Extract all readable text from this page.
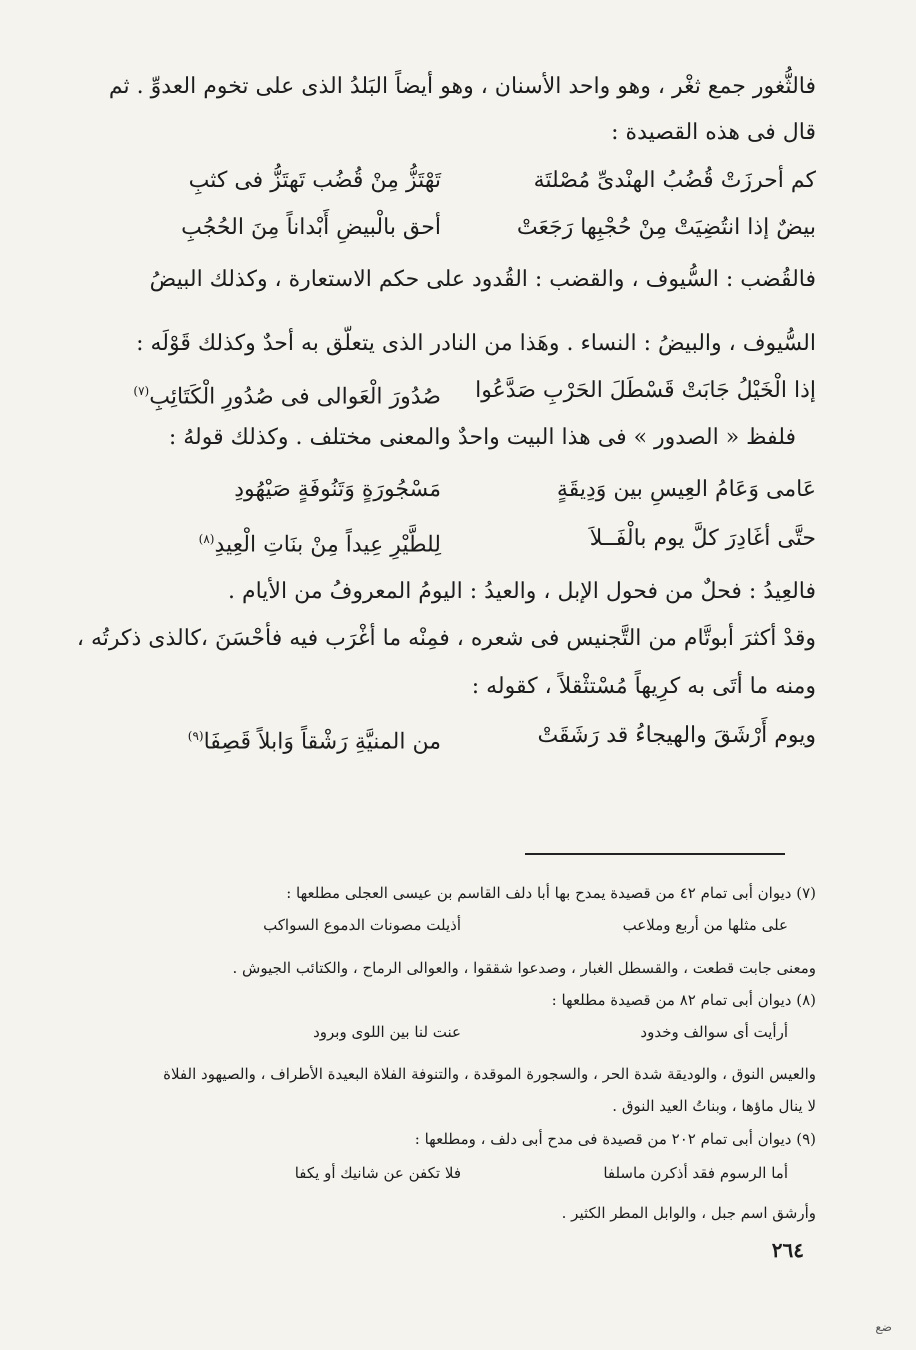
فالثُّغور جمع ثغْر ، وهو واحد الأسنان ، وهو أيضاً البَلدُ الذى على تخوم العدوِّ . ثم
قال فى هذه القصيدة :
كم أحرزَتْ قُضُبُ الهنْدىِّ مُصْلتَة
تَهْتَزُّ مِنْ قُضُب تَهتَزُّ فى كثبِ
بيضٌ إذا انتُضِيَتْ مِنْ حُجْبِها رَجَعَتْ
أحق بالْبيضِ أَبْداناً مِنَ الحُجُبِ
فالقُضب : السُّيوف ، والقضب : القُدود على حكم الاستعارة ، وكذلك البيضُ
السُّيوف ، والبيضُ : النساء . وهَذا من النادر الذى يتعلّق به أحدٌ وكذلك قَوْلَه :
إذا الْخَيْلُ جَابَتْ قَسْطَلَ الحَرْبِ صَدَّعُوا
صُدُورَ الْعَوالى فى صُدُورِ الْكَتَائِبِ$^{(٧)}$
فلفظ « الصدور » فى هذا البيت واحدٌ والمعنى مختلف . وكذلك قولهُ :
عَامى وَعَامُ العِيسِ بين وَدِيقَةٍ
مَسْجُورَةٍ وَتَنُوفَةٍ صَيْهُودِ
حتَّى أغَادِرَ كلَّ يوم بالْفَــلاَ
لِلطَّيْرِ عِيداً مِنْ بنَاتِ الْعِيدِ$^{(٨)}$
فالعِيدُ : فحلٌ من فحول الإبل ، والعيدُ : اليومُ المعروفُ من الأيام .
وقدْ أكثرَ أبوتَّام من التَّجنيس فى شعره ، فمِنْه ما أغْرَب فيه فأحْسَنَ ،كالذى ذكرتُه ،
ومنه ما أتَى به كرِيهاً مُسْتثْقلاً ، كقوله :
ويوم أَرْشَقَ والهيجاءُ قد رَشَقَتْ
من المنيَّةِ رَشْقاً وَابلاً قَصِفَا$^{(٩)}$
(٧) ديوان أبى تمام ٤٢ من قصيدة يمدح بها أبا دلف القاسم بن عيسى العجلى مطلعها :
على مثلها من أربع وملاعب
أذيلت مصونات الدموع السواكب
ومعنى جابت قطعت ، والقسطل الغبار ، وصدعوا شققوا ، والعوالى الرماح ، والكتائب الجيوش .
(٨) ديوان أبى تمام ٨٢ من قصيدة مطلعها :
أرأيت أى سوالف وخدود
عنت لنا بين اللوى وبرود
والعيس النوق ، والوديقة شدة الحر ، والسجورة الموقدة ، والتنوفة الفلاة البعيدة الأطراف ، والصيهود الفلاة
لا ينال ماؤها ، وبناتُ العيد النوق .
(٩) ديوان أبى تمام ٢٠٢ من قصيدة فى مدح أبى دلف ، ومطلعها :
أما الرسوم فقد أذكرن ماسلفا
فلا تكفن عن شانيك أو يكفا
وأرشق اسم جبل ، والوابل المطر الكثير .
٢٦٤
ضع
